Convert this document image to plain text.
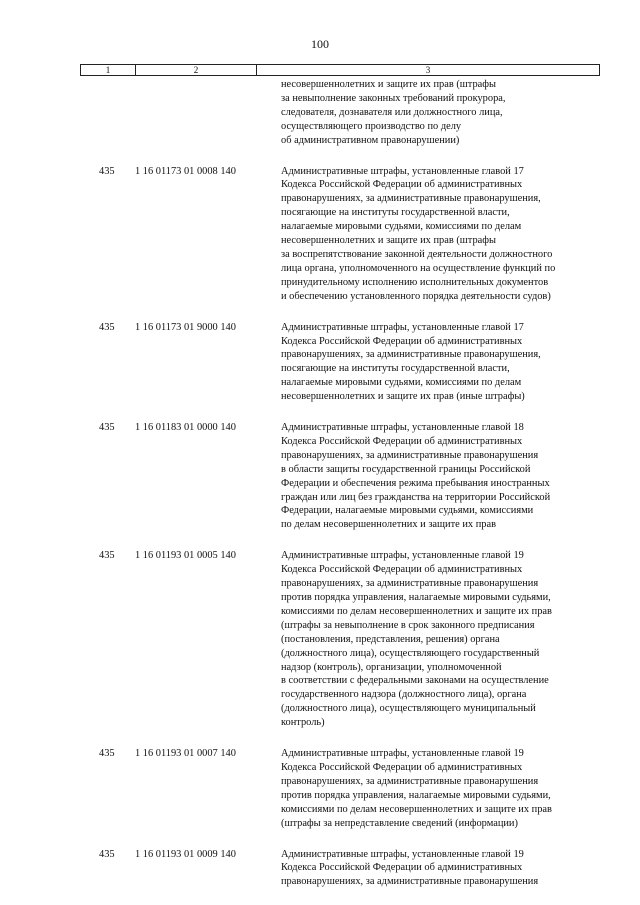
100
1	2	3
несовершеннолетних и защите их прав (штрафы
за невыполнение законных требований прокурора,
следователя, дознавателя или должностного лица,
осуществляющего производство по делу
об административном правонарушении)
435 1 16 01173 01 0008 140	Административные штрафы, установленные главой 17
Кодекса Российской Федерации об административных
правонарушениях, за административные правонарушения,
посягающие на институты государственной власти,
налагаемые мировыми судьями, комиссиями по делам
несовершеннолетних и защите их прав (штрафы
за воспрепятствование законной деятельности должностного
лица органа, уполномоченного на осуществление функций по
принудительному исполнению исполнительных документов
и обеспечению установленного порядка деятельности судов)
435 1 16 01173 01 9000 140	Административные штрафы, установленные главой 17
Кодекса Российской Федерации об административных
правонарушениях, за административные правонарушения,
посягающие на институты государственной власти,
налагаемые мировыми судьями, комиссиями по делам
несовершеннолетних и защите их прав (иные штрафы)
435 1 16 01183 01 0000 140	Административные штрафы, установленные главой 18
Кодекса Российской Федерации об административных
правонарушениях, за административные правонарушения
в области защиты государственной границы Российской
Федерации и обеспечения режима пребывания иностранных
граждан или лиц без гражданства на территории Российской
Федерации, налагаемые мировыми судьями, комиссиями
по делам несовершеннолетних и защите их прав
435 1 16 01193 01 0005 140	Административные штрафы, установленные главой 19
Кодекса Российской Федерации об административных
правонарушениях, за административные правонарушения
против порядка управления, налагаемые мировыми судьями,
комиссиями по делам несовершеннолетних и защите их прав
(штрафы за невыполнение в срок законного предписания
(постановления, представления, решения) органа
(должностного лица), осуществляющего государственный
надзор (контроль), организации, уполномоченной
в соответствии с федеральными законами на осуществление
государственного надзора (должностного лица), органа
(должностного лица), осуществляющего муниципальный
контроль)
435 1 16 01193 01 0007 140	Административные штрафы, установленные главой 19
Кодекса Российской Федерации об административных
правонарушениях, за административные правонарушения
против порядка управления, налагаемые мировыми судьями,
комиссиями по делам несовершеннолетних и защите их прав
(штрафы за непредставление сведений (информации)
435 1 16 01193 01 0009 140	Административные штрафы, установленные главой 19
Кодекса Российской Федерации об административных
правонарушениях, за административные правонарушения
